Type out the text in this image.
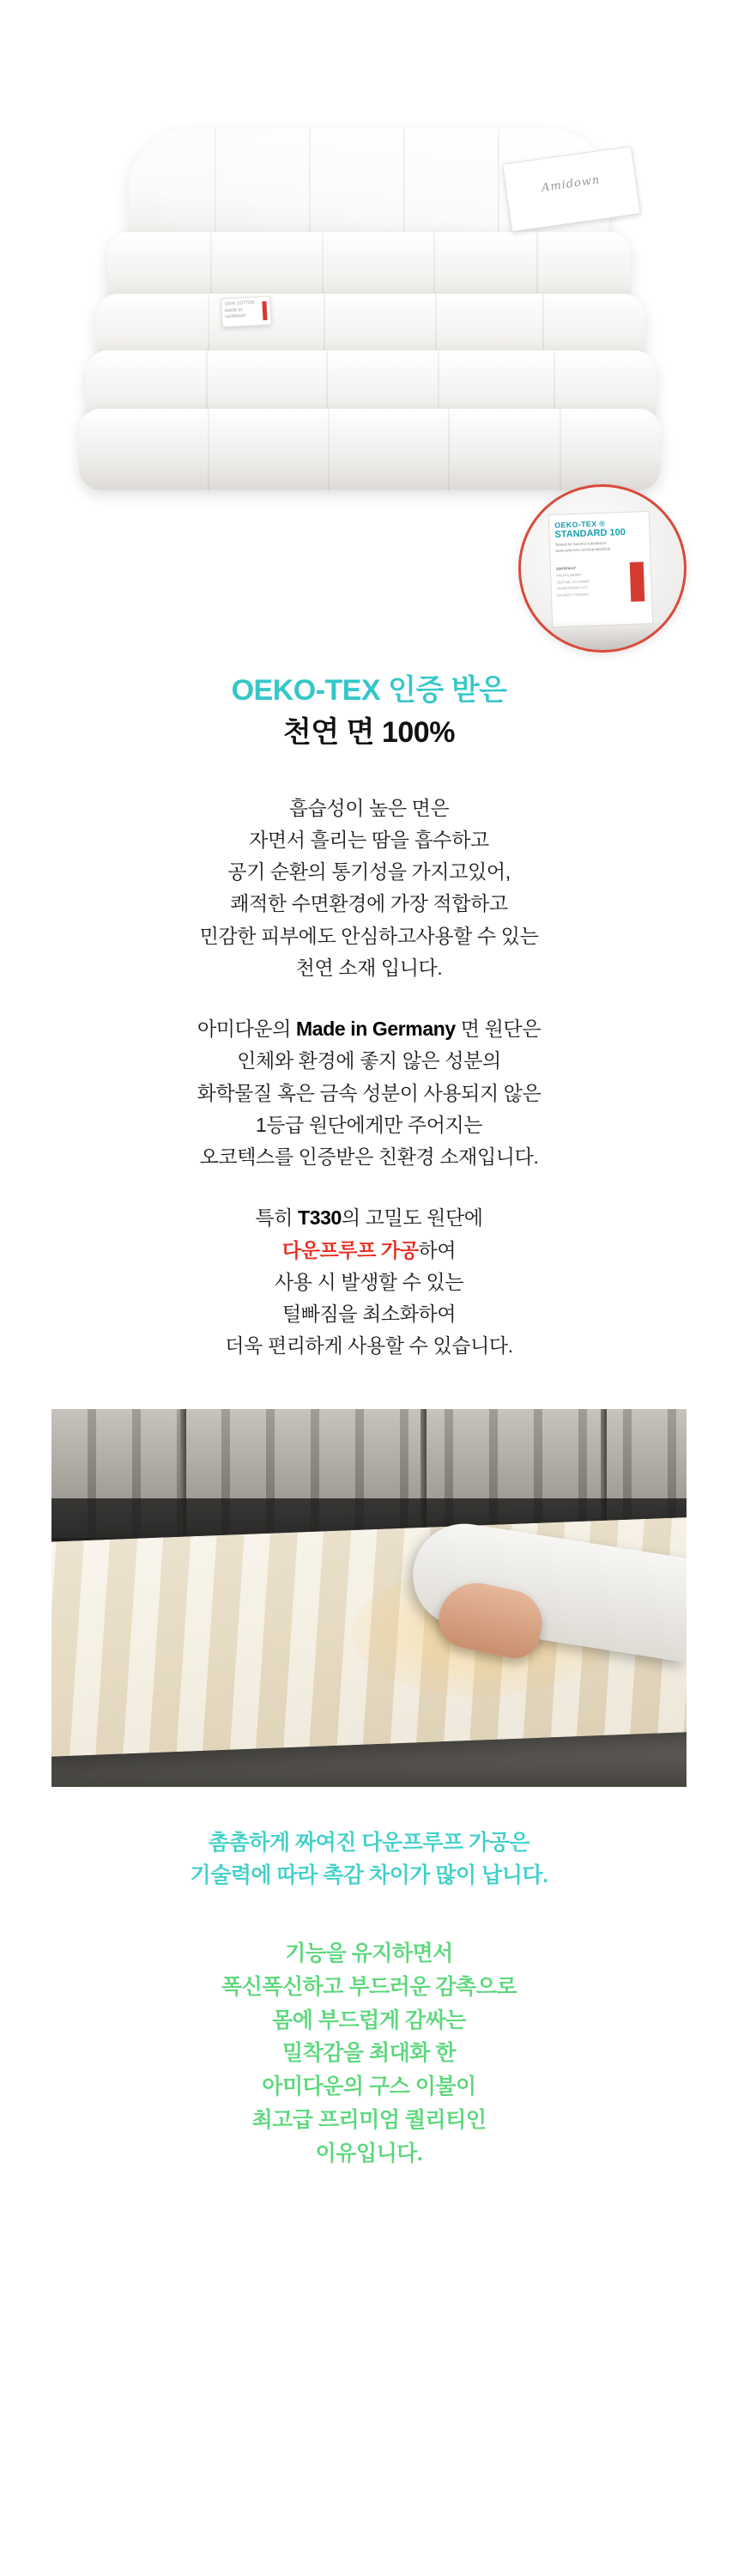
Amidown
100% COTTON
MADE IN
GERMANY
OEKO-TEX ®
STANDARD 100
Tested for harmful substances
www.oeko-tex.com/standard100
ZERTIFIKAT
PRÜFNUMMER
TESTNR. 21.0.00000
HOHENSTEIN HTTI
DAUNEN / FEDERN
OEKO-TEX 인증 받은
천연 면 100%

흡습성이 높은 면은
자면서 흘리는 땀을 흡수하고
공기 순환의 통기성을 가지고있어,
쾌적한 수면환경에 가장 적합하고
민감한 피부에도 안심하고사용할 수 있는
천연 소재 입니다.

아미다운의 Made in Germany 면 원단은
인체와 환경에 좋지 않은 성분의
화학물질 혹은 금속 성분이 사용되지 않은
1등급 원단에게만 주어지는
오코텍스를 인증받은 친환경 소재입니다.

특히 T330의 고밀도 원단에
다운프루프 가공하여
사용 시 발생할 수 있는
털빠짐을 최소화하여
더욱 편리하게 사용할 수 있습니다.

촘촘하게 짜여진 다운프루프 가공은
기술력에 따라 촉감 차이가 많이 납니다.
기능을 유지하면서
폭신폭신하고 부드러운 감촉으로
몸에 부드럽게 감싸는
밀착감을 최대화 한
아미다운의 구스 이불이
최고급 프리미엄 퀄리티인
이유입니다.
